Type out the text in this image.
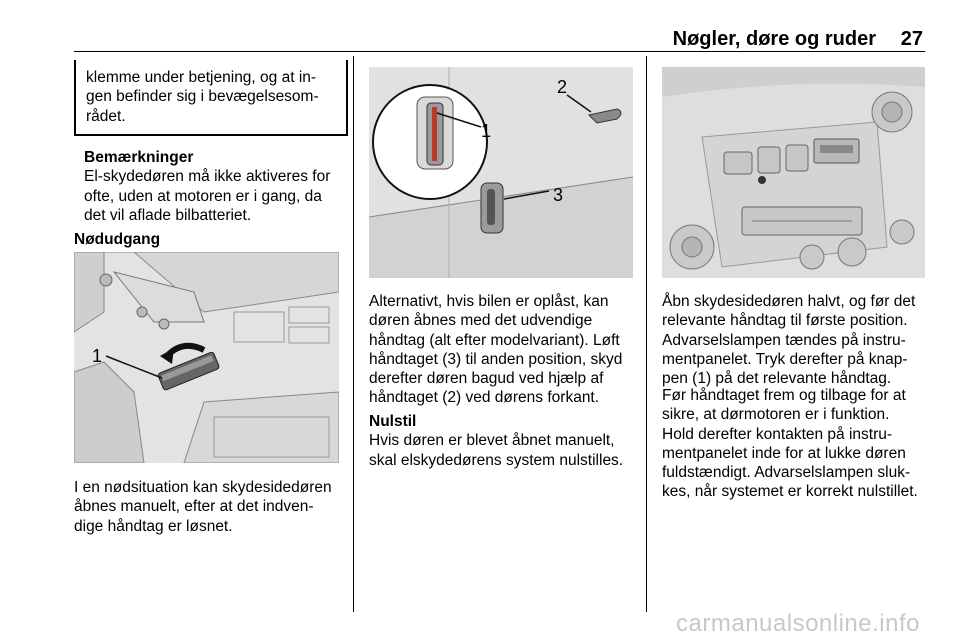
Nøgler, døre og ruder 27
klemme under betjening, og at in-
gen befinder sig i bevægelsesom-
rådet.
Bemærkninger
El-skydedøren må ikke aktiveres for
ofte, uden at motoren er i gang, da
det vil aflade bilbatteriet.
Nødudgang
1
I en nødsituation kan skydesidedøren
åbnes manuelt, efter at det indven-
dige håndtag er løsnet.
1
2
3
Alternativt, hvis bilen er oplåst, kan
døren åbnes med det udvendige
håndtag (alt efter modelvariant). Løft
håndtaget (3) til anden position, skyd
derefter døren bagud ved hjælp af
håndtaget (2) ved dørens forkant.
Nulstil
Hvis døren er blevet åbnet manuelt,
skal elskydedørens system nulstilles.
Åbn skydesidedøren halvt, og før det
relevante håndtag til første position.
Advarselslampen tændes på instru-
mentpanelet. Tryk derefter på knap-
pen (1) på det relevante håndtag.
Før håndtaget frem og tilbage for at
sikre, at dørmotoren er i funktion.
Hold derefter kontakten på instru-
mentpanelet inde for at lukke døren
fuldstændigt. Advarselslampen sluk-
kes, når systemet er korrekt nulstillet.
carmanualsonline.info
